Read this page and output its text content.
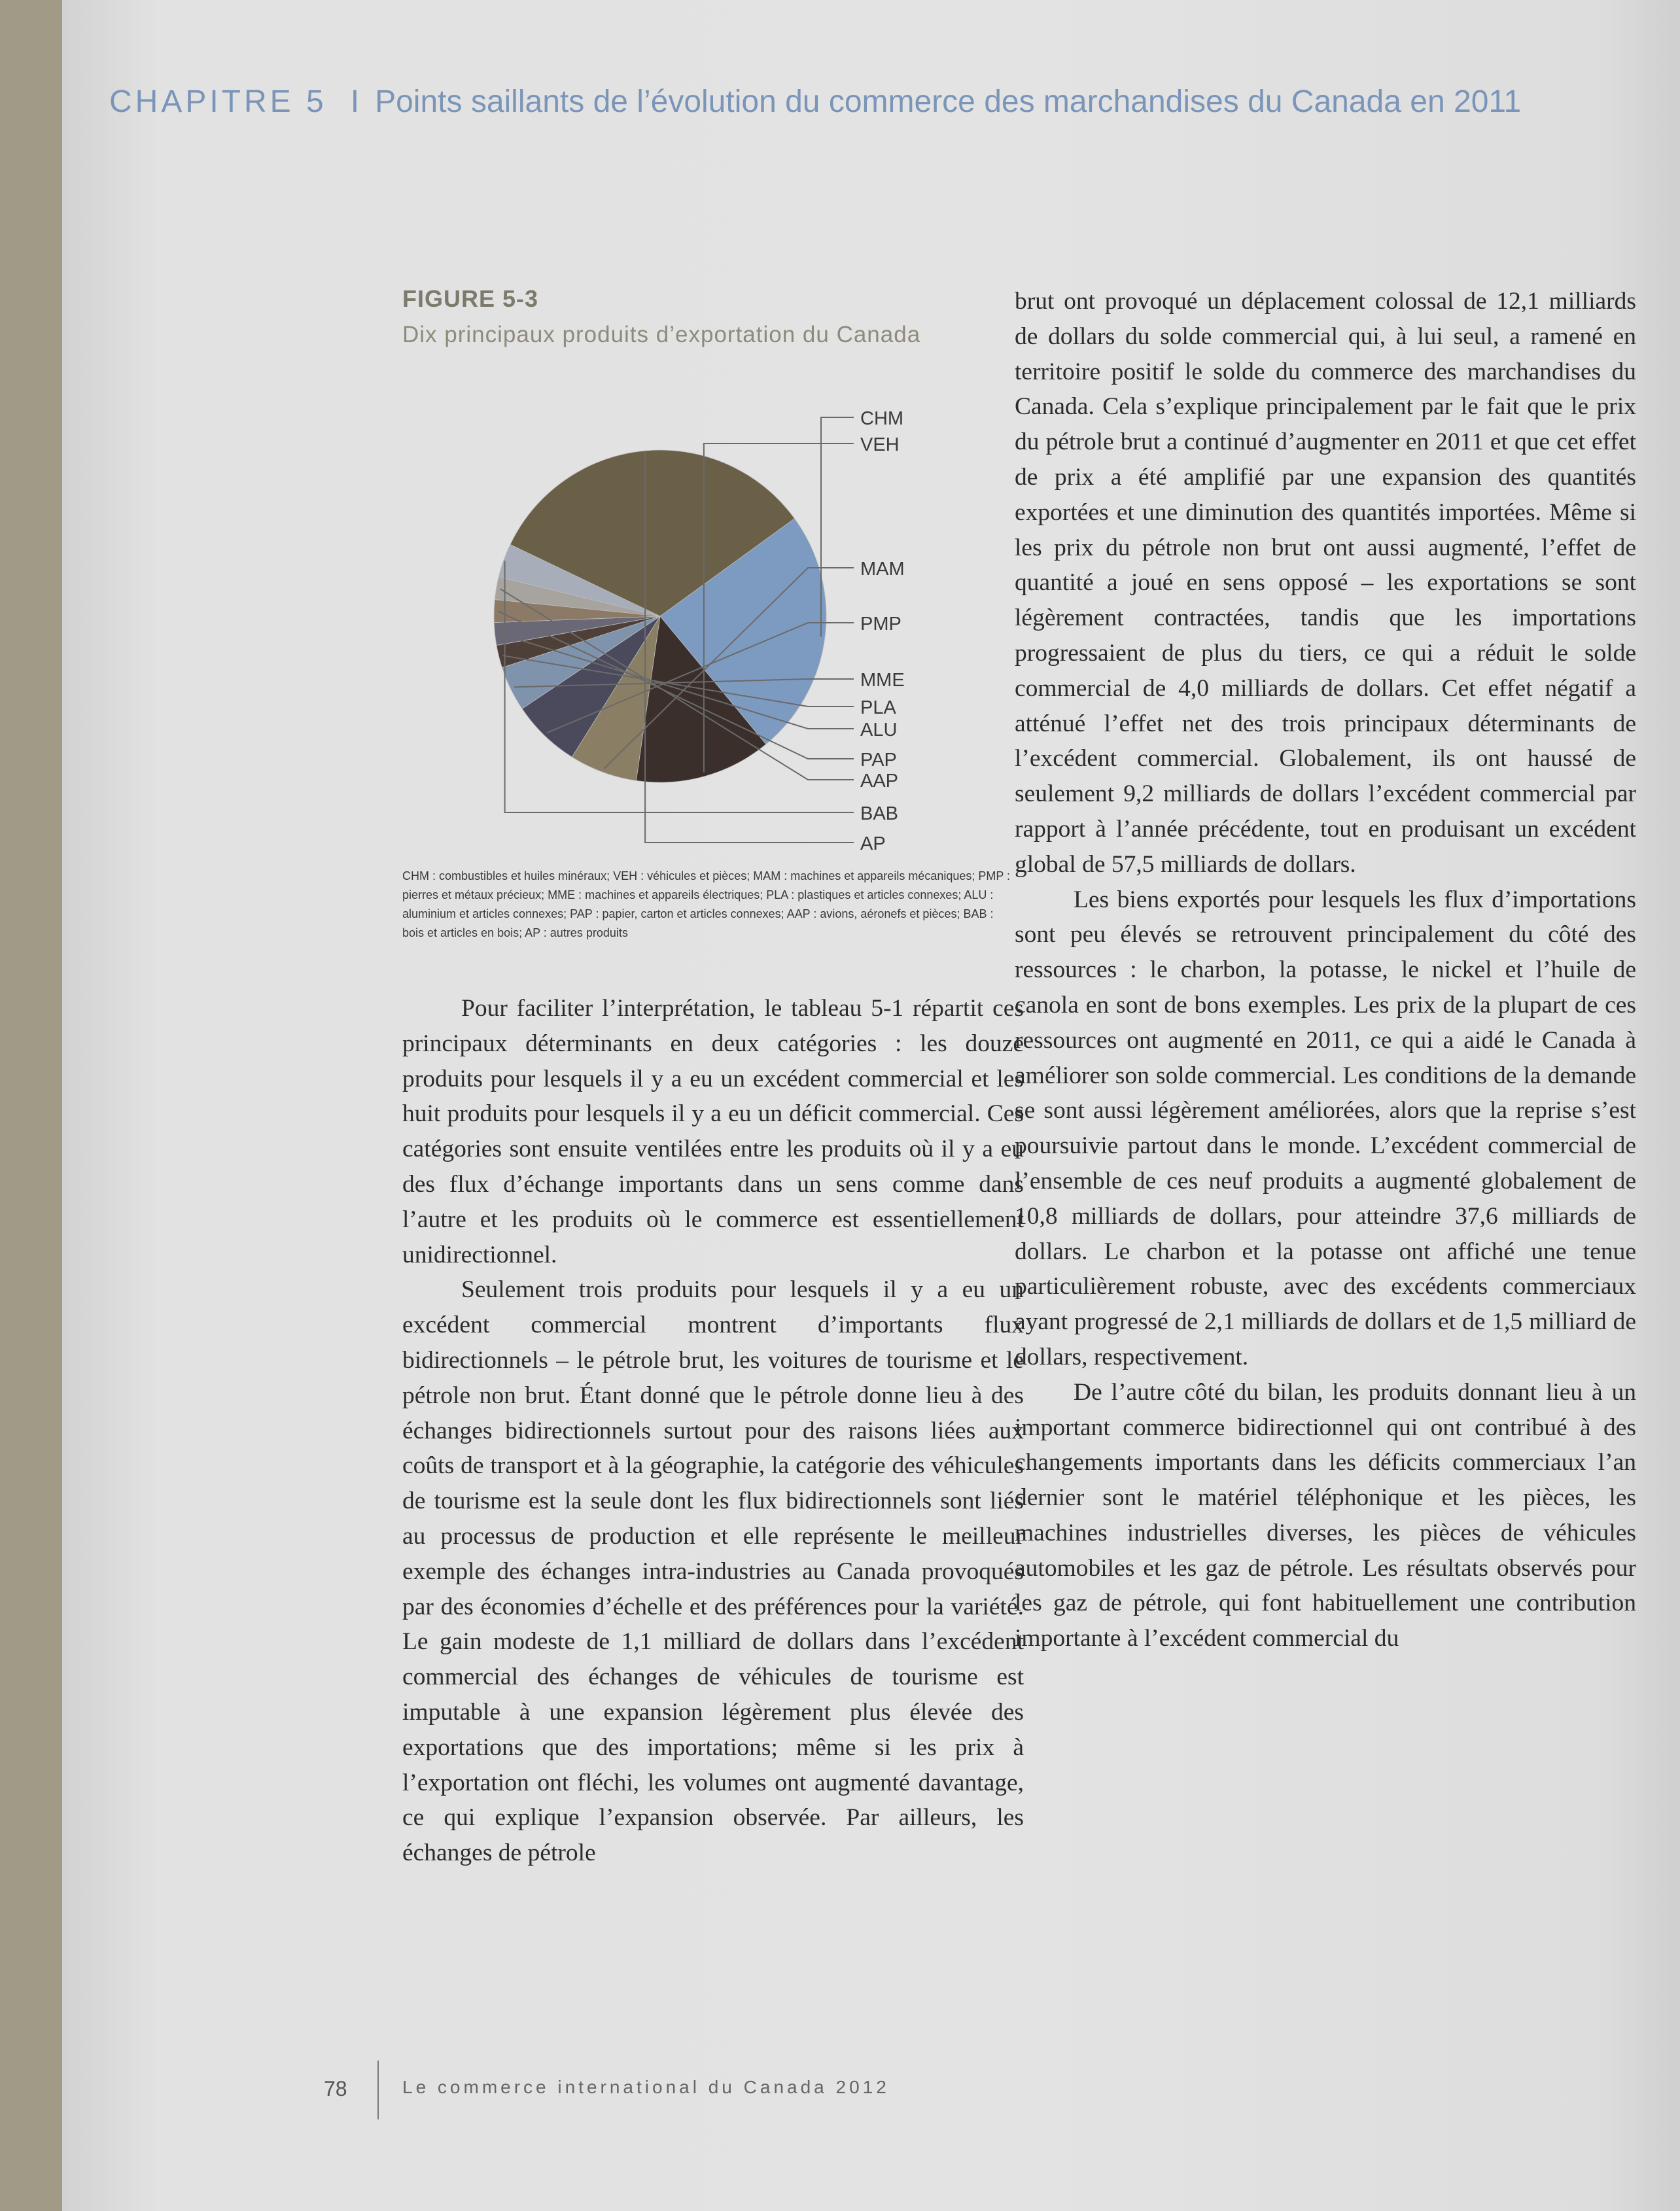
CHAPITRE 5 I Points saillants de l’évolution du commerce des marchandises du Canada en 2011
FIGURE 5-3
Dix principaux produits d’exportation du Canada
CHM
VEH
MAM
PMP
MME
PLA
ALU
PAP
AAP
BAB
AP
CHM : combustibles et huiles minéraux; VEH : véhicules et pièces; MAM : machines et appareils mécaniques; PMP : pierres et métaux précieux; MME : machines et appareils électriques; PLA : plastiques et articles connexes; ALU : aluminium et articles connexes; PAP : papier, carton et articles connexes; AAP : avions, aéronefs et pièces; BAB : bois et articles en bois; AP : autres produits

Pour faciliter l’interprétation, le tableau 5-1 répartit ces principaux déterminants en deux catégories : les douze produits pour lesquels il y a eu un excédent commercial et les huit produits pour lesquels il y a eu un déficit commercial. Ces catégories sont ensuite ventilées entre les produits où il y a eu des flux d’échange importants dans un sens comme dans l’autre et les produits où le commerce est essentiellement unidirectionnel.

Seulement trois produits pour lesquels il y a eu un excédent commercial montrent d’importants flux bidirectionnels – le pétrole brut, les voitures de tourisme et le pétrole non brut. Étant donné que le pétrole donne lieu à des échanges bidirectionnels surtout pour des raisons liées aux coûts de transport et à la géographie, la catégorie des véhicules de tourisme est la seule dont les flux bidirectionnels sont liés au processus de production et elle représente le meilleur exemple des échanges intra-industries au Canada provoqués par des économies d’échelle et des préférences pour la variété. Le gain modeste de 1,1 milliard de dollars dans l’excédent commercial des échanges de véhicules de tourisme est imputable à une expansion légèrement plus élevée des exportations que des importations; même si les prix à l’exportation ont fléchi, les volumes ont augmenté davantage, ce qui explique l’expansion observée. Par ailleurs, les échanges de pétrole

brut ont provoqué un déplacement colossal de 12,1 milliards de dollars du solde commercial qui, à lui seul, a ramené en territoire positif le solde du commerce des marchandises du Canada. Cela s’explique principalement par le fait que le prix du pétrole brut a continué d’augmenter en 2011 et que cet effet de prix a été amplifié par une expansion des quantités exportées et une diminution des quantités importées. Même si les prix du pétrole non brut ont aussi augmenté, l’effet de quantité a joué en sens opposé – les exportations se sont légèrement contractées, tandis que les importations progressaient de plus du tiers, ce qui a réduit le solde commercial de 4,0 milliards de dollars. Cet effet négatif a atténué l’effet net des trois principaux déterminants de l’excédent commercial. Globalement, ils ont haussé de seulement 9,2 milliards de dollars l’excédent commercial par rapport à l’année précédente, tout en produisant un excédent global de 57,5 milliards de dollars.

Les biens exportés pour lesquels les flux d’importations sont peu élevés se retrouvent principalement du côté des ressources : le charbon, la potasse, le nickel et l’huile de canola en sont de bons exemples. Les prix de la plupart de ces ressources ont augmenté en 2011, ce qui a aidé le Canada à améliorer son solde commercial. Les conditions de la demande se sont aussi légèrement améliorées, alors que la reprise s’est poursuivie partout dans le monde. L’excédent commercial de l’ensemble de ces neuf produits a augmenté globalement de 10,8 milliards de dollars, pour atteindre 37,6 milliards de dollars. Le charbon et la potasse ont affiché une tenue particulièrement robuste, avec des excédents commerciaux ayant progressé de 2,1 milliards de dollars et de 1,5 milliard de dollars, respectivement.

De l’autre côté du bilan, les produits donnant lieu à un important commerce bidirectionnel qui ont contribué à des changements importants dans les déficits commerciaux l’an dernier sont le matériel téléphonique et les pièces, les machines industrielles diverses, les pièces de véhicules automobiles et les gaz de pétrole. Les résultats observés pour les gaz de pétrole, qui font habituellement une contribution importante à l’excédent commercial du

78	Le commerce international du Canada 2012
